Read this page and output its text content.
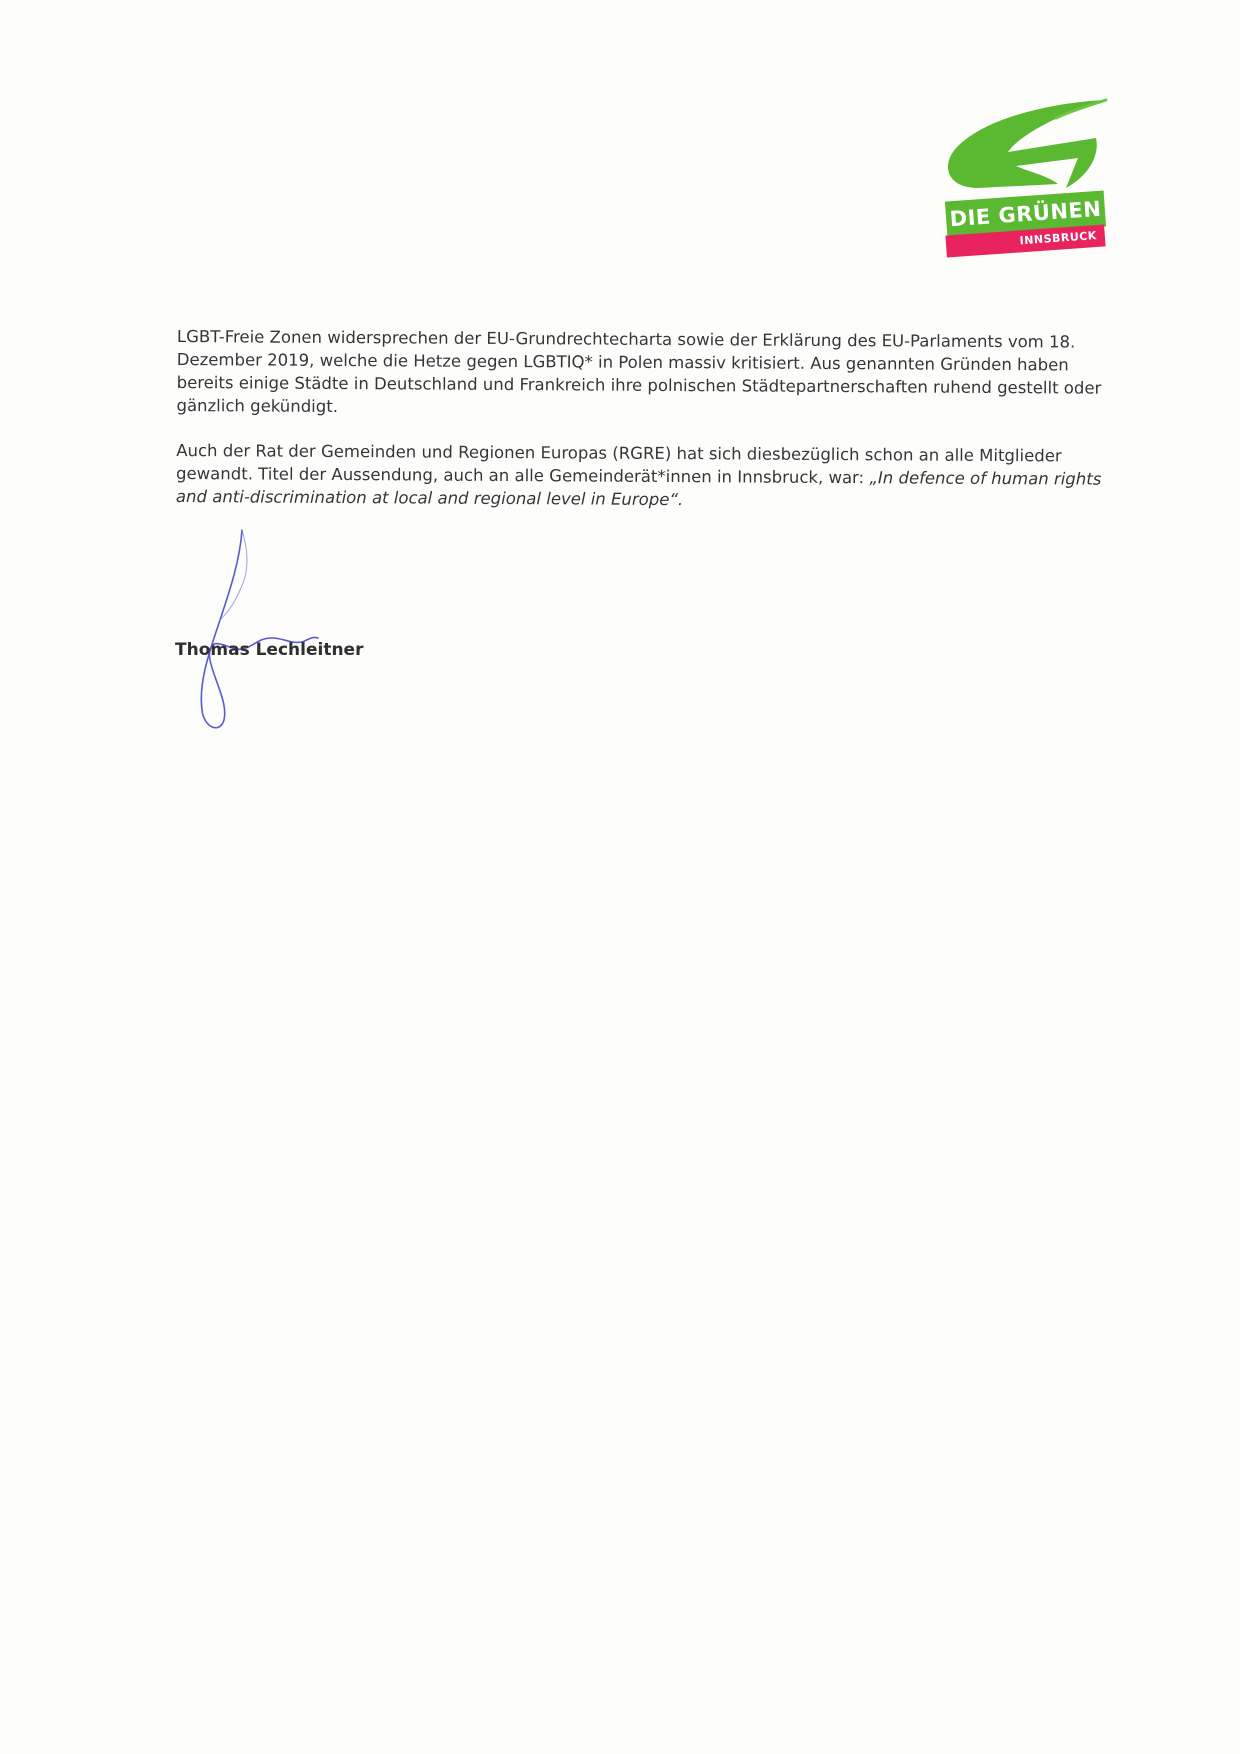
DIE GRÜNEN
INNSBRUCK

LGBT-Freie Zonen widersprechen der EU-Grundrechtecharta sowie der Erklärung des EU-Parlaments vom 18. Dezember 2019, welche die Hetze gegen LGBTIQ* in Polen massiv kritisiert. Aus genannten Gründen haben bereits einige Städte in Deutschland und Frankreich ihre polnischen Städtepartnerschaften ruhend gestellt oder gänzlich gekündigt.

Auch der Rat der Gemeinden und Regionen Europas (RGRE) hat sich diesbezüglich schon an alle Mitglieder gewandt. Titel der Aussendung, auch an alle Gemeinderät*innen in Innsbruck, war: „In defence of human rights and anti-discrimination at local and regional level in Europe“.

Thomas Lechleitner
